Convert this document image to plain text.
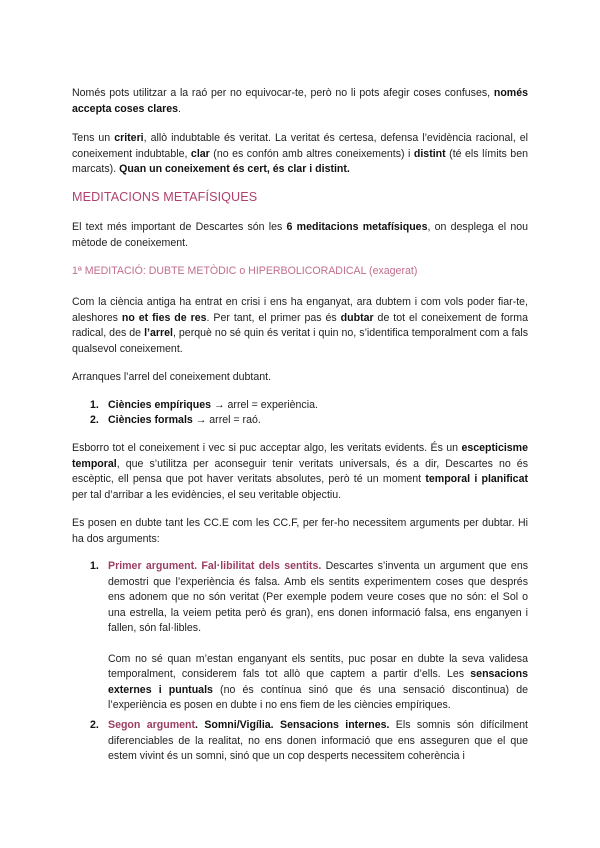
Només pots utilitzar a la raó per no equivocar-te, però no li pots afegir coses confuses, només accepta coses clares.

Tens un criteri, allò indubtable és veritat. La veritat és certesa, defensa l’evidència racional, el coneixement indubtable, clar (no es confón amb altres coneixements) i distint (té els límits ben marcats). Quan un coneixement és cert, és clar i distint.

MEDITACIONS METAFÍSIQUES

El text més important de Descartes són les 6 meditacions metafísiques, on desplega el nou mètode de coneixement.

1ª MEDITACIÓ: DUBTE METÒDIC o HIPERBOLICORADICAL (exagerat)

Com la ciència antiga ha entrat en crisi i ens ha enganyat, ara dubtem i com vols poder fiar-te, aleshores no et fies de res. Per tant, el primer pas és dubtar de tot el coneixement de forma radical, des de l’arrel, perquè no sé quin és veritat i quin no, s’identifica temporalment com a fals qualsevol coneixement.

Arranques l’arrel del coneixement dubtant.

1. Ciències empíriques → arrel = experiència.
2. Ciències formals → arrel = raó.

Esborro tot el coneixement i vec si puc acceptar algo, les veritats evidents. És un escepticisme temporal, que s’utilitza per aconseguir tenir veritats universals, és a dir, Descartes no és escèptic, ell pensa que pot haver veritats absolutes, però té un moment temporal i planificat per tal d’arribar a les evidències, el seu veritable objectiu.

Es posen en dubte tant les CC.E com les CC.F, per fer-ho necessitem arguments per dubtar. Hi ha dos arguments:

1. Primer argument. Fal·libilitat dels sentits. Descartes s’inventa un argument que ens demostri que l’experiència és falsa. Amb els sentits experimentem coses que després ens adonem que no són veritat (Per exemple podem veure coses que no són: el Sol o una estrella, la veiem petita però és gran), ens donen informació falsa, ens enganyen i fallen, són fal·libles.

Com no sé quan m’estan enganyant els sentits, puc posar en dubte la seva validesa temporalment, considerem fals tot allò que captem a partir d’ells. Les sensacions externes i puntuals (no és contínua sinó que és una sensació discontinua) de l’experiència es posen en dubte i no ens fiem de les ciències empíriques.

2. Segon argument. Somni/Vigília. Sensacions internes. Els somnis són difícilment diferenciables de la realitat, no ens donen informació que ens asseguren que el que estem vivint és un somni, sinó que un cop desperts necessitem coherència i
